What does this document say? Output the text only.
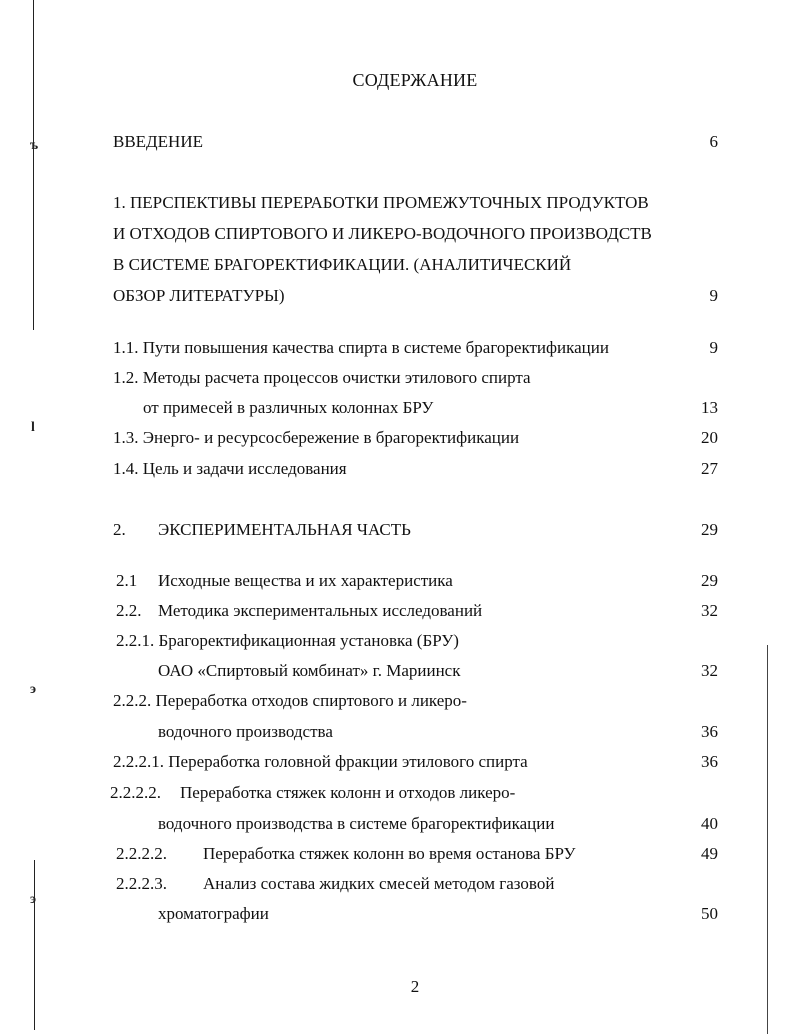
ъ
l
э
э
СОДЕРЖАНИЕ
ВВЕДЕНИЕ	6
1. ПЕРСПЕКТИВЫ ПЕРЕРАБОТКИ ПРОМЕЖУТОЧНЫХ ПРОДУКТОВ
И ОТХОДОВ СПИРТОВОГО И ЛИКЕРО-ВОДОЧНОГО ПРОИЗВОДСТВ
В СИСТЕМЕ БРАГОРЕКТИФИКАЦИИ. (АНАЛИТИЧЕСКИЙ
ОБЗОР ЛИТЕРАТУРЫ)	9
1.1. Пути повышения качества спирта в системе брагоректификации	9
1.2. Методы расчета процессов очистки этилового спирта
от примесей в различных колоннах БРУ	13
1.3. Энерго- и ресурсосбережение в брагоректификации	20
1.4. Цель и задачи исследования	27
2. ЭКСПЕРИМЕНТАЛЬНАЯ ЧАСТЬ	29
2.1 Исходные вещества и их характеристика	29
2.2. Методика экспериментальных исследований	32
2.2.1. Брагоректификационная установка (БРУ)
ОАО «Спиртовый комбинат» г. Мариинск	32
2.2.2. Переработка отходов спиртового и ликеро-
водочного производства	36
2.2.2.1. Переработка головной фракции этилового спирта	36
2.2.2.2. Переработка стяжек колонн и отходов ликеро-
водочного производства в системе брагоректификации	40
2.2.2.2. Переработка стяжек колонн во время останова БРУ	49
2.2.2.3. Анализ состава жидких смесей методом газовой
хроматографии	50
2
